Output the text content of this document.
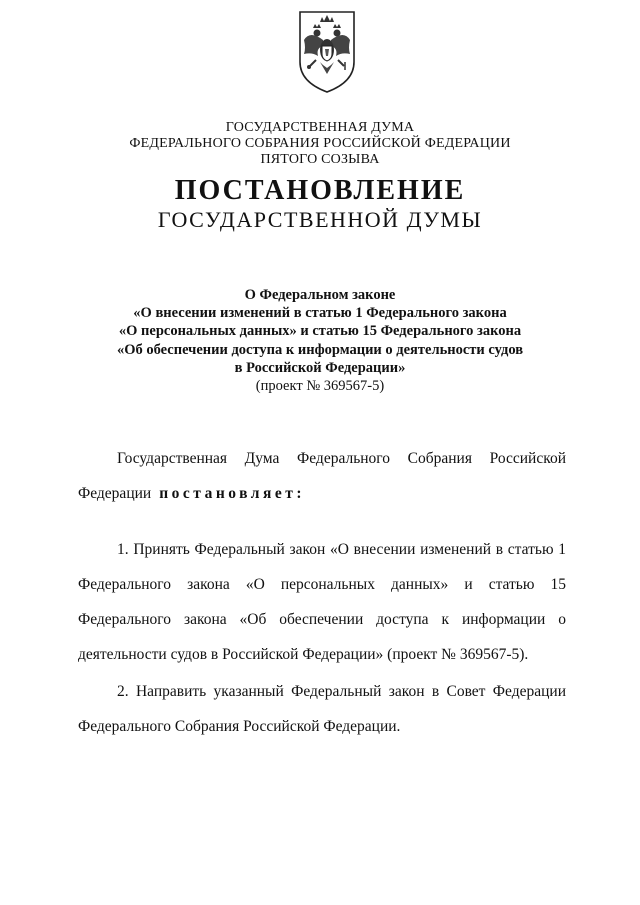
ГОСУДАРСТВЕННАЯ ДУМА
ФЕДЕРАЛЬНОГО СОБРАНИЯ РОССИЙСКОЙ ФЕДЕРАЦИИ
ПЯТОГО СОЗЫВА
ПОСТАНОВЛЕНИЕ
ГОСУДАРСТВЕННОЙ ДУМЫ
О Федеральном законе
«О внесении изменений в статью 1 Федерального закона
«О персональных данных» и статью 15 Федерального закона
«Об обеспечении доступа к информации о деятельности судов
в Российской Федерации»
(проект № 369567-5)
Государственная Дума Федерального Собрания Российской
Федерации постановляет:
1. Принять Федеральный закон «О внесении изменений в статью 1
Федерального закона «О персональных данных» и статью 15
Федерального закона «Об обеспечении доступа к информации о
деятельности судов в Российской Федерации» (проект № 369567-5).
2. Направить указанный Федеральный закон в Совет Федерации
Федерального Собрания Российской Федерации.
